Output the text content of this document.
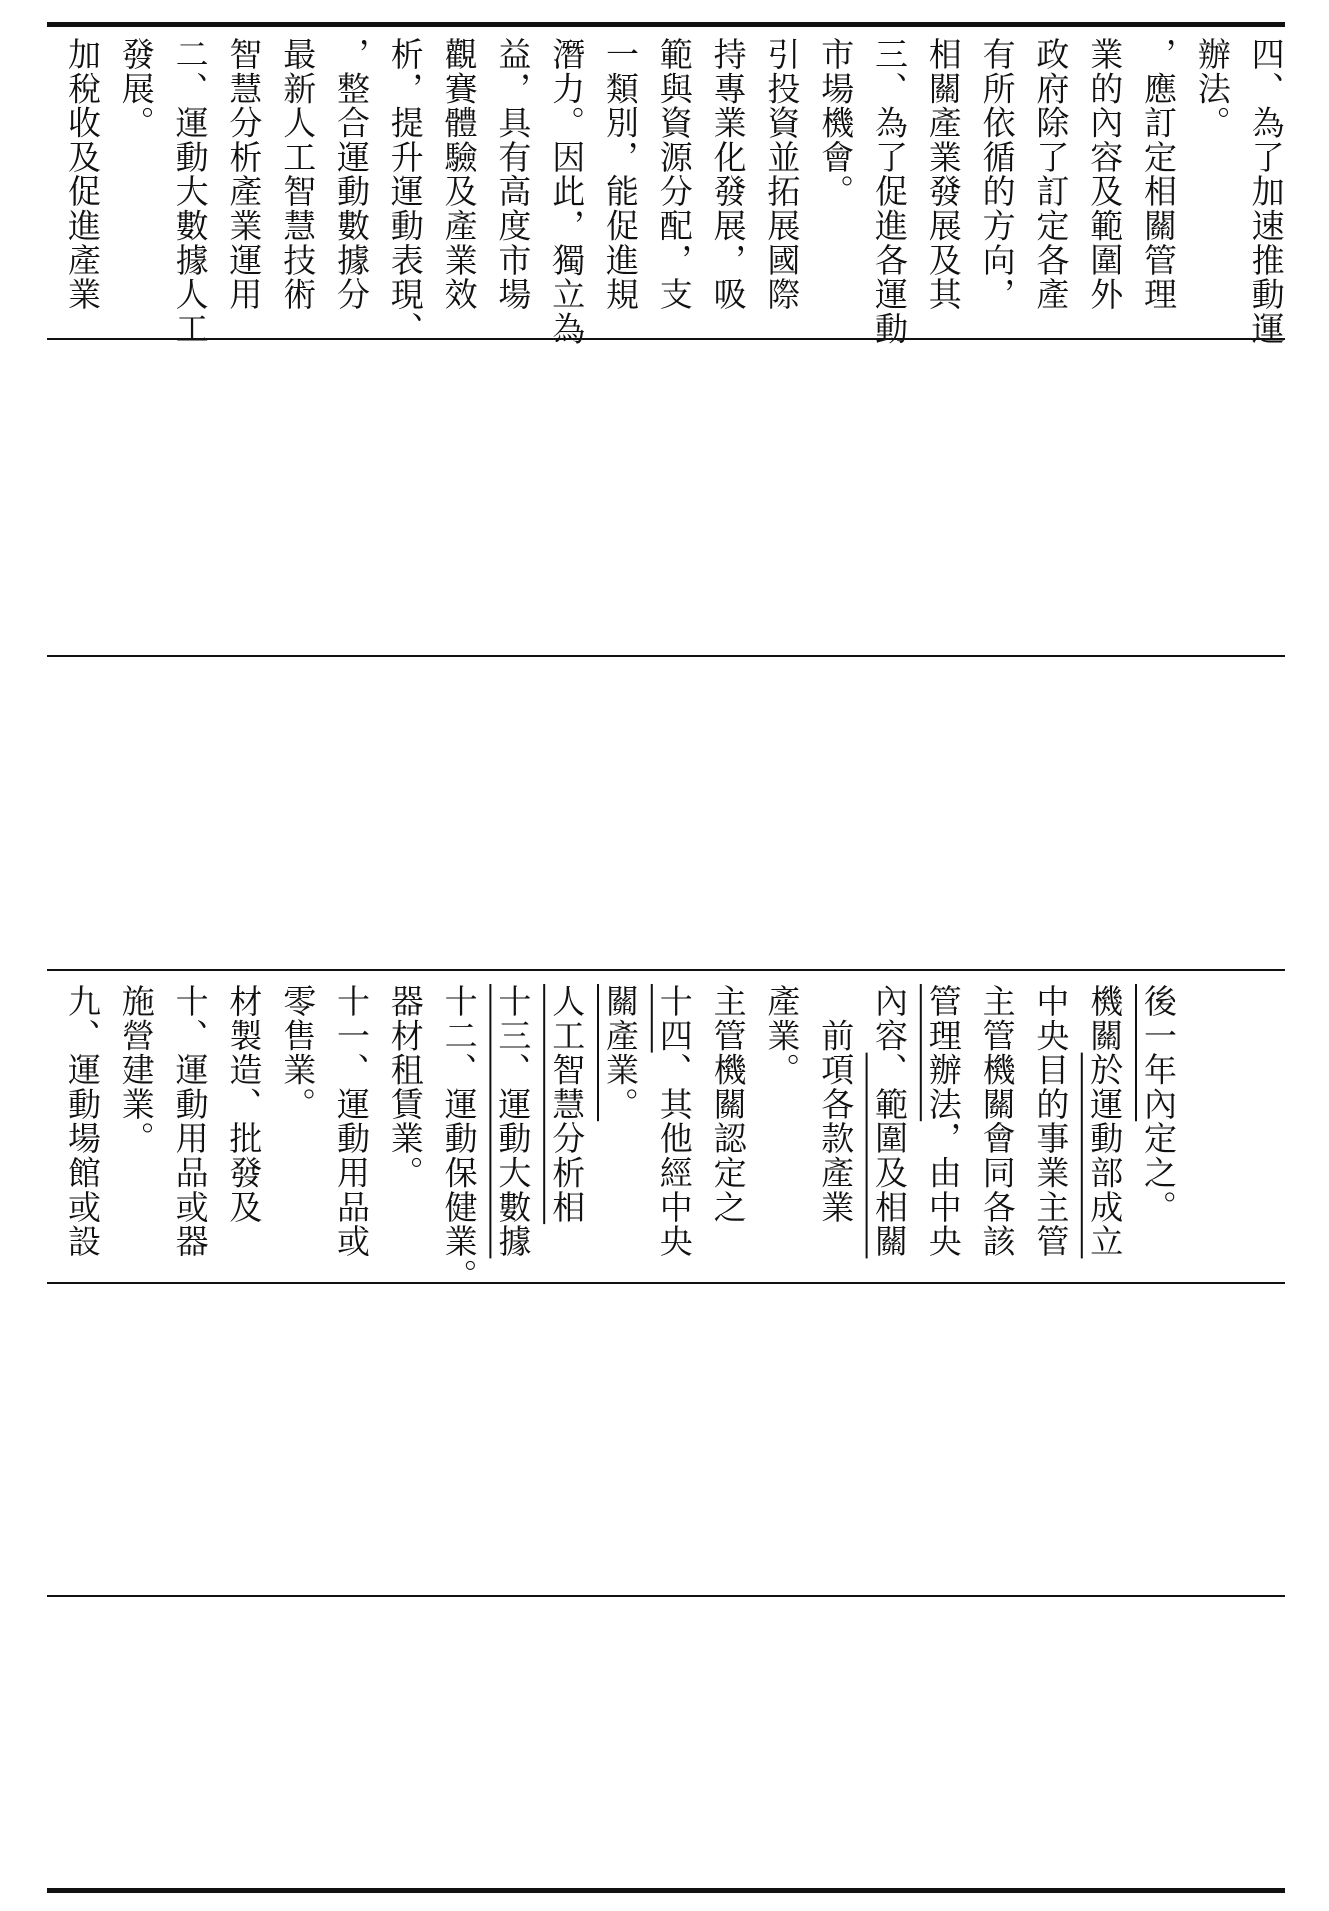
加稅收及促進產業 發展。 二、運動大數據人工 智慧分析產業運用 最新人工智慧技術 ，整合運動數據分 析，提升運動表現、 觀賽體驗及產業效 益，具有高度市場 潛力。因此，獨立為 一類別，能促進規 範與資源分配，支 持專業化發展，吸 引投資並拓展國際 市場機會。 三、為了促進各運動 相關產業發展及其 有所依循的方向， 政府除了訂定各產 業的內容及範圍外 ，應訂定相關管理 辦法。 四、為了加速推動運
九、運動場館或設 施營建業。 十、運動用品或器 材製造、批發及 零售業。 十一、運動用品或 器材租賃業。 十二、運動保健業。 十三、運動大數據 人工智慧分析相 關產業。 十四、其他經中央 主管機關認定之 產業。 　前項各款產業 內容、範圍及相關
管理辦法，由中央 主管機關會同各該 中央目的事業主管 機關於運動部成立
後一年內定之。
